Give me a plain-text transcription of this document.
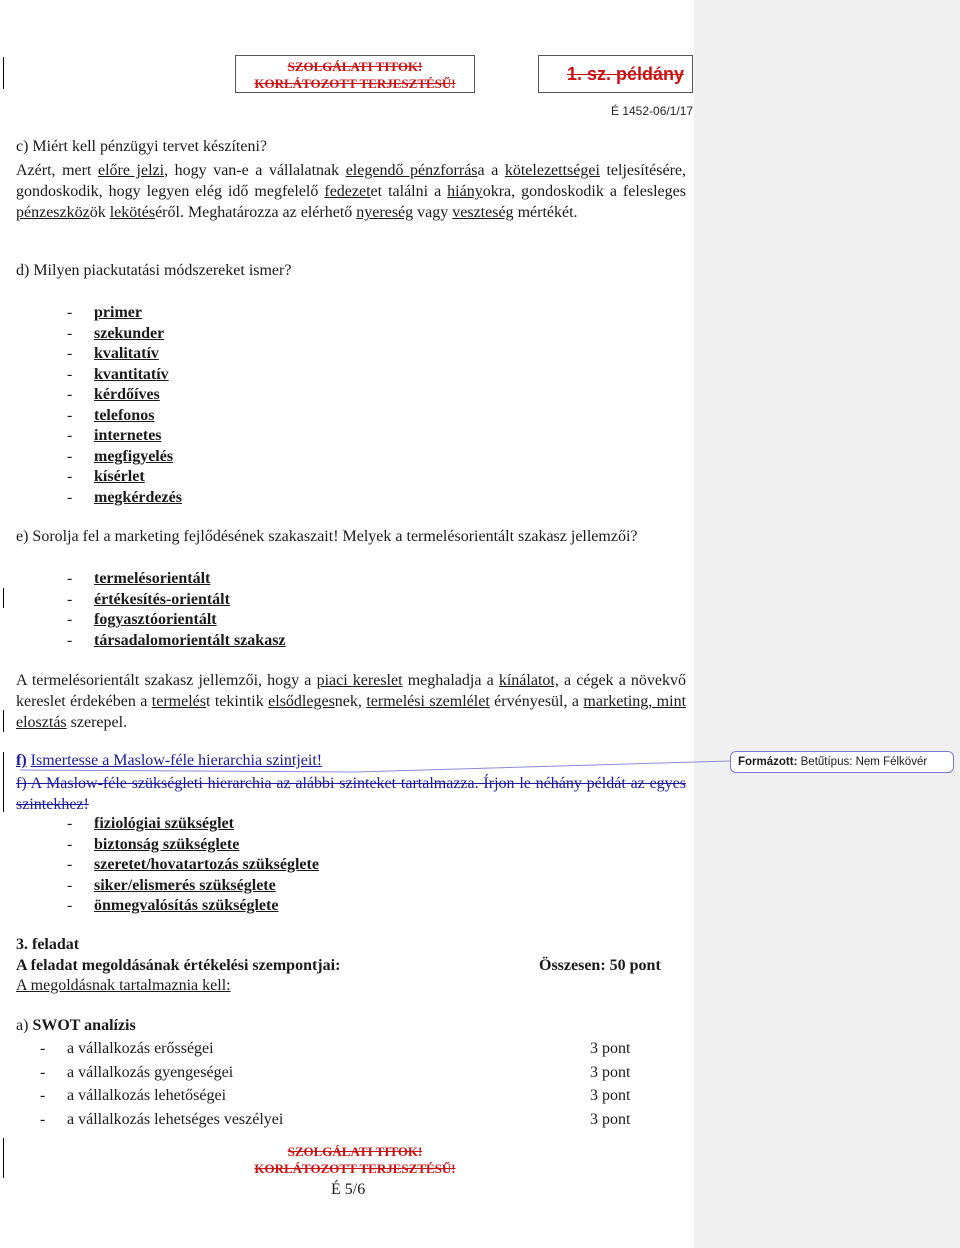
SZOLGÁLATI TITOK!
KORLÁTOZOTT TERJESZTÉSŰ!	1. sz. példány
É 1452-06/1/17
c) Miért kell pénzügyi tervet készíteni?
Azért, mert előre jelzi, hogy van-e a vállalatnak elegendő pénzforrása a kötelezettségei teljesítésére, gondoskodik, hogy legyen elég idő megfelelő fedezetet találni a hiányokra, gondoskodik a felesleges pénzeszközök lekötéséről. Meghatározza az elérhető nyereség vagy veszteség mértékét.
d) Milyen piackutatási módszereket ismer?
- primer
- szekunder
- kvalitatív
- kvantitatív
- kérdőíves
- telefonos
- internetes
- megfigyelés
- kísérlet
- megkérdezés
e) Sorolja fel a marketing fejlődésének szakaszait! Melyek a termelésorientált szakasz jellemzői?
- termelésorientált
- értékesítés-orientált
- fogyasztóorientált
- társadalomorientált szakasz
A termelésorientált szakasz jellemzői, hogy a piaci kereslet meghaladja a kínálatot, a cégek a növekvő kereslet érdekében a termelést tekintik elsődlegesnek, termelési szemlélet érvényesül, a marketing, mint elosztás szerepel.
f) Ismertesse a Maslow-féle hierarchia szintjeit!
f) A Maslow-féle szükségleti hierarchia az alábbi szinteket tartalmazza. Írjon le néhány példát az egyes szintekhez!
- fiziológiai szükséglet
- biztonság szükséglete
- szeretet/hovatartozás szükséglete
- siker/elismerés szükséglete
- önmegvalósítás szükséglete
3. feladat
A feladat megoldásának értékelési szempontjai:	Összesen: 50 pont
A megoldásnak tartalmaznia kell:
a) SWOT analízis
- a vállalkozás erősségei	3 pont
- a vállalkozás gyengeségei	3 pont
- a vállalkozás lehetőségei	3 pont
- a vállalkozás lehetséges veszélyei	3 pont
SZOLGÁLATI TITOK!
KORLÁTOZOTT TERJESZTÉSŰ!
É 5/6
Formázott: Betűtípus: Nem Félkövér
